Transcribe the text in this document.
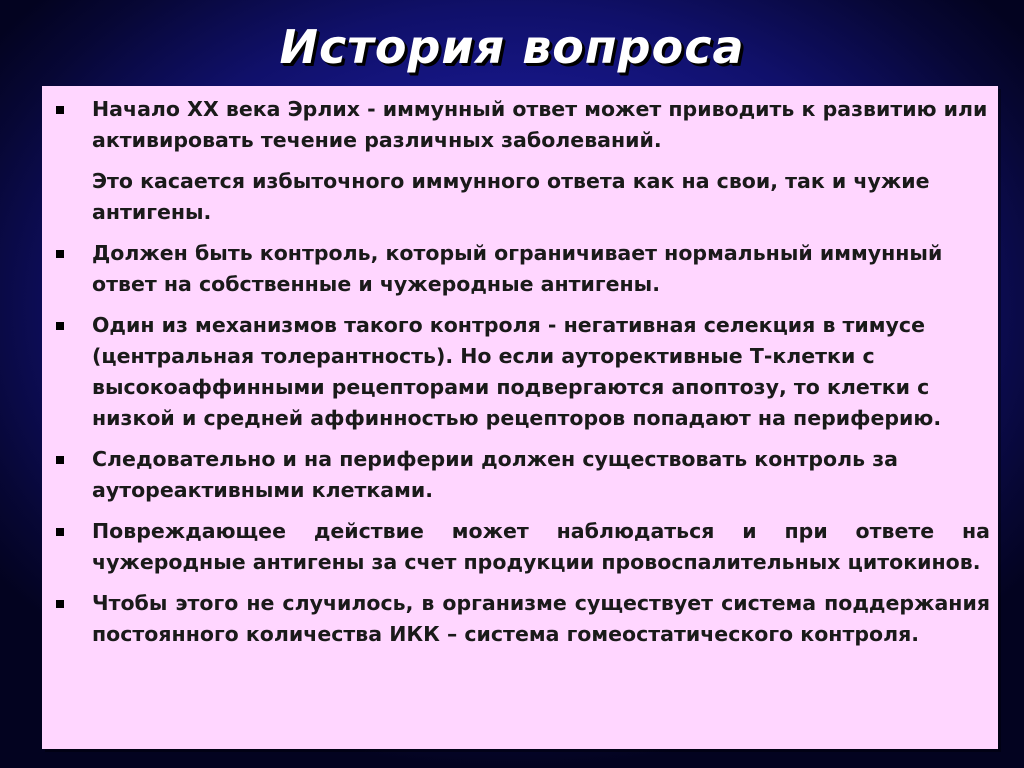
История вопроса

Начало XX века Эрлих - иммунный ответ может приводить к развитию или активировать течение различных заболеваний.

Это касается избыточного иммунного ответа как на свои, так и чужие антигены.

Должен быть контроль, который ограничивает нормальный иммунный ответ на собственные и чужеродные антигены.

Один из механизмов такого контроля - негативная селекция в тимусе (центральная толерантность). Но если ауторективные Т-клетки с высокоаффинными рецепторами подвергаются апоптозу, то клетки с низкой и средней аффинностью рецепторов попадают на периферию.

Следовательно и на периферии должен существовать контроль за аутореактивными клетками.

Повреждающее действие может наблюдаться и при ответе на чужеродные антигены за счет продукции провоспалительных цитокинов.

Чтобы этого не случилось, в организме существует система поддержания постоянного количества ИКК – система гомеостатического контроля.
